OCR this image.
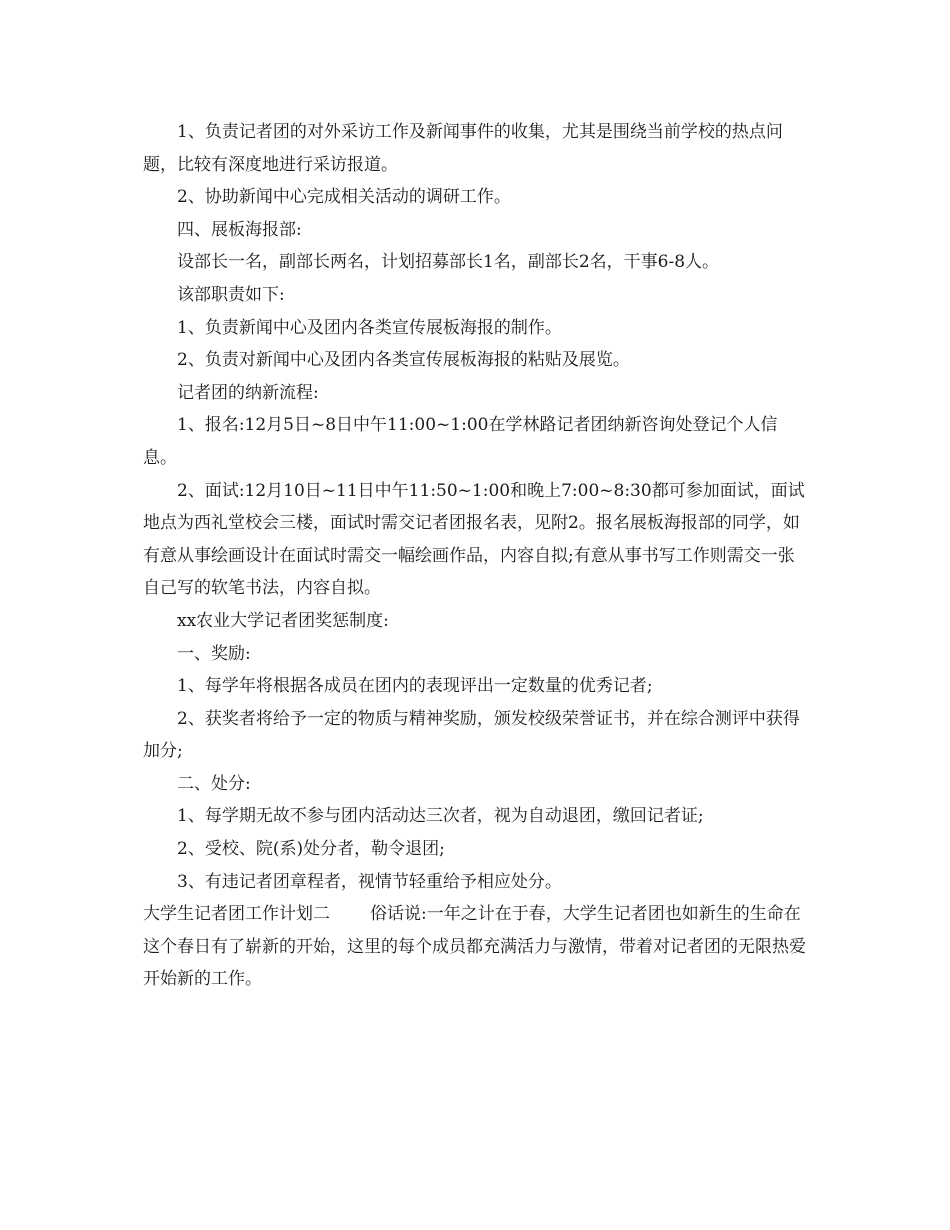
1、负责记者团的对外采访工作及新闻事件的收集，尤其是围绕当前学校的热点问题，比较有深度地进行采访报道。

2、协助新闻中心完成相关活动的调研工作。

四、展板海报部:

设部长一名，副部长两名，计划招募部长1名，副部长2名，干事6-8人。

该部职责如下:

1、负责新闻中心及团内各类宣传展板海报的制作。

2、负责对新闻中心及团内各类宣传展板海报的粘贴及展览。

记者团的纳新流程:

1、报名:12月5日~8日中午11:00~1:00在学林路记者团纳新咨询处登记个人信息。

2、面试:12月10日~11日中午11:50~1:00和晚上7:00~8:30都可参加面试，面试地点为西礼堂校会三楼，面试时需交记者团报名表，见附2。报名展板海报部的同学，如有意从事绘画设计在面试时需交一幅绘画作品，内容自拟;有意从事书写工作则需交一张自己写的软笔书法，内容自拟。

xx农业大学记者团奖惩制度:

一、奖励:

1、每学年将根据各成员在团内的表现评出一定数量的优秀记者;

2、获奖者将给予一定的物质与精神奖励，颁发校级荣誉证书，并在综合测评中获得加分;

二、处分:

1、每学期无故不参与团内活动达三次者，视为自动退团，缴回记者证;

2、受校、院(系)处分者，勒令退团;

3、有违记者团章程者，视情节轻重给予相应处分。

大学生记者团工作计划二 俗话说:一年之计在于春，大学生记者团也如新生的生命在这个春日有了崭新的开始，这里的每个成员都充满活力与激情，带着对记者团的无限热爱开始新的工作。
